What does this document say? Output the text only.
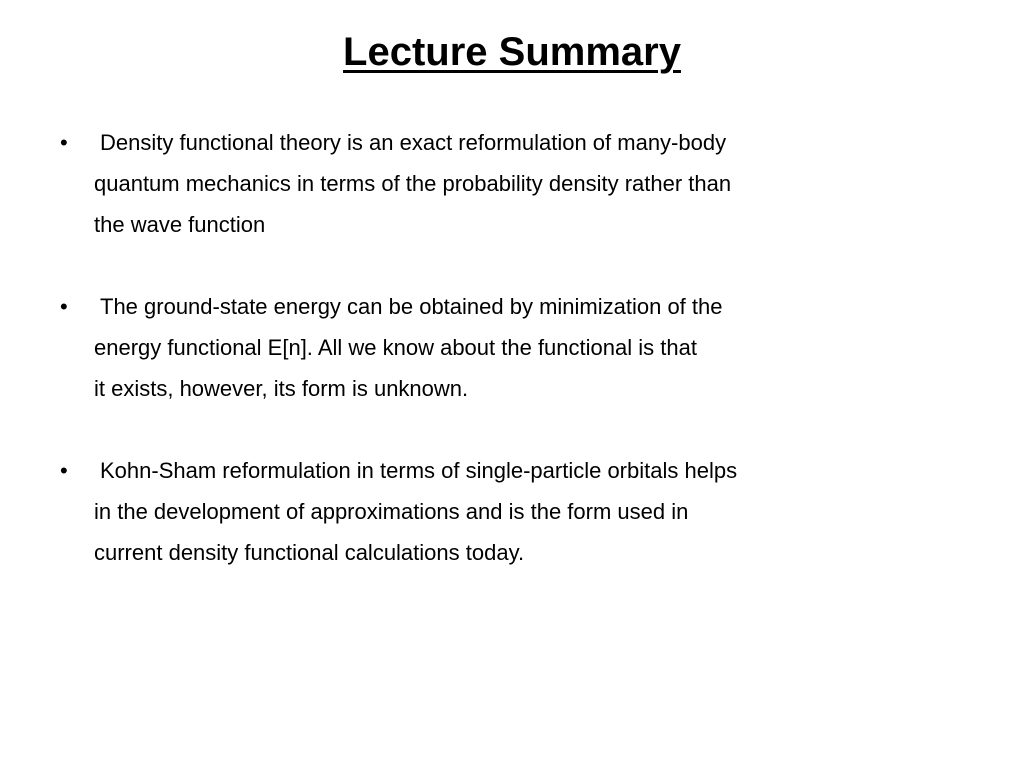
Lecture Summary
• Density functional theory is an exact reformulation of many-body
quantum mechanics in terms of the probability density rather than
the wave function
• The ground-state energy can be obtained by minimization of the
energy functional E[n]. All we know about the functional is that
it exists, however, its form is unknown.
• Kohn-Sham reformulation in terms of single-particle orbitals helps
in the development of approximations and is the form used in
current density functional calculations today.
